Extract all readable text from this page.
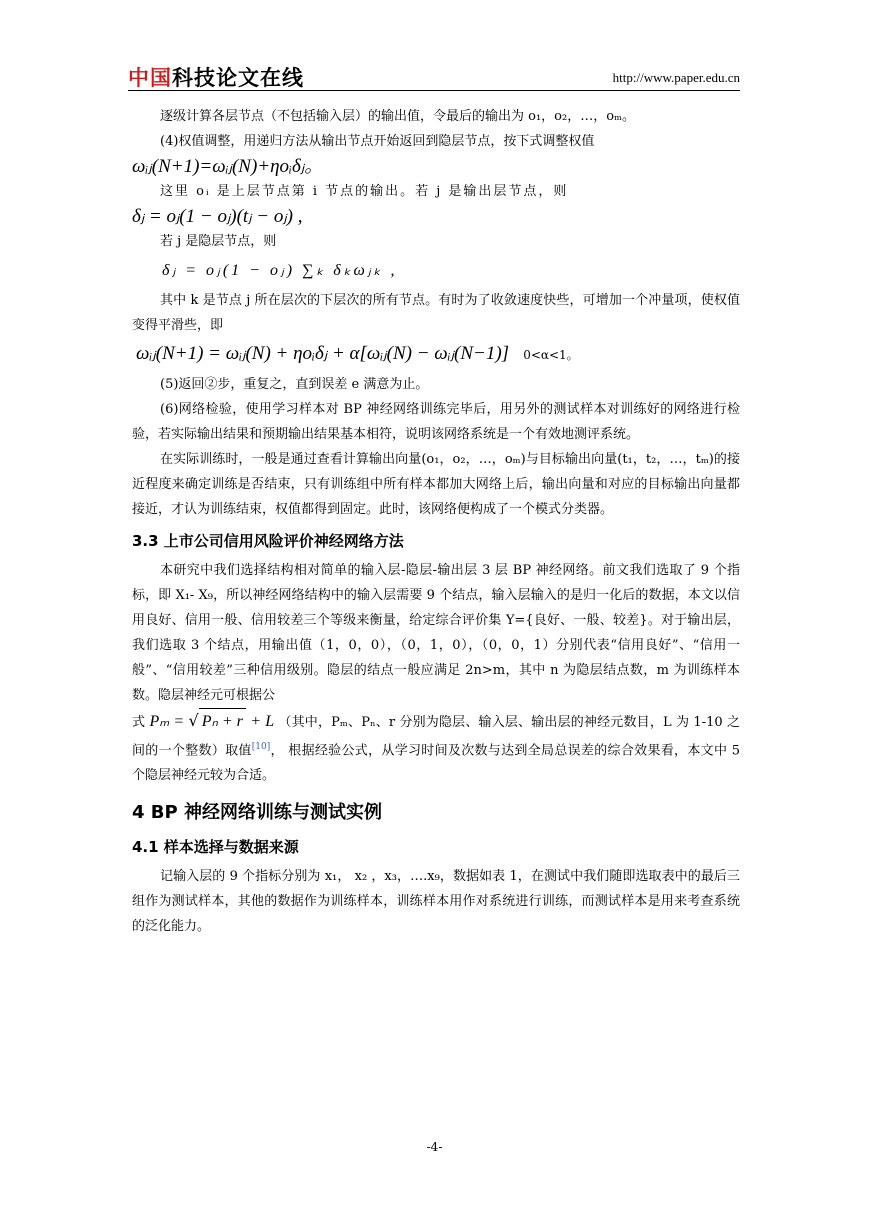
中国科技论文在线	http://www.paper.edu.cn

逐级计算各层节点（不包括输入层）的输出值，令最后的输出为 o₁，o₂，…，oₘ。

(4)权值调整，用递归方法从输出节点开始返回到隐层节点，按下式调整权值

ωᵢⱼ(N+1)=ωᵢⱼ(N)+ηoᵢδⱼ。

这里 oᵢ 是上层节点第 i 节点的输出。若 j 是输出层节点，则

δⱼ = oⱼ(1 − oⱼ)(tⱼ − oⱼ) ,

若 j 是隐层节点，则

δⱼ = oⱼ(1 − oⱼ) ∑ₖ δₖωⱼₖ ,

其中 k 是节点 j 所在层次的下层次的所有节点。有时为了收敛速度快些，可增加一个冲量项，使权值变得平滑些，即

ωᵢⱼ(N+1) = ωᵢⱼ(N) + ηoᵢδⱼ + α[ωᵢⱼ(N) − ωᵢⱼ(N−1)] 0<α<1。

(5)返回②步，重复之，直到误差 e 满意为止。

(6)网络检验，使用学习样本对 BP 神经网络训练完毕后，用另外的测试样本对训练好的网络进行检验，若实际输出结果和预期输出结果基本相符，说明该网络系统是一个有效地测评系统。

在实际训练时，一般是通过查看计算输出向量(o₁，o₂，…，oₘ)与目标输出向量(t₁，t₂，…，tₘ)的接近程度来确定训练是否结束，只有训练组中所有样本都加大网络上后，输出向量和对应的目标输出向量都接近，才认为训练结束，权值都得到固定。此时，该网络便构成了一个模式分类器。

3.3 上市公司信用风险评价神经网络方法

本研究中我们选择结构相对简单的输入层-隐层-输出层 3 层 BP 神经网络。前文我们选取了 9 个指标，即 X₁- X₉，所以神经网络结构中的输入层需要 9 个结点，输入层输入的是归一化后的数据，本文以信用良好、信用一般、信用较差三个等级来衡量，给定综合评价集 Y={良好、一般、较差}。对于输出层，我们选取 3 个结点，用输出值（1，0，0），（0，1，0），（0，0，1）分别代表“信用良好”、“信用一般”、“信用较差”三种信用级别。隐层的结点一般应满足 2n>m，其中 n 为隐层结点数，m 为训练样本数。隐层神经元可根据公

式 Pₘ = √ Pₙ + r + L （其中，Pₘ、Pₙ、r 分别为隐层、输入层、输出层的神经元数目，L 为 1-10 之间的一个整数）取值[10]， 根据经验公式，从学习时间及次数与达到全局总误差的综合效果看，本文中 5 个隐层神经元较为合适。

4 BP 神经网络训练与测试实例
4.1 样本选择与数据来源

记输入层的 9 个指标分别为 x₁， x₂ ，x₃，….x₉，数据如表 1，在测试中我们随即选取表中的最后三组作为测试样本，其他的数据作为训练样本，训练样本用作对系统进行训练，而测试样本是用来考查系统的泛化能力。

-4-
